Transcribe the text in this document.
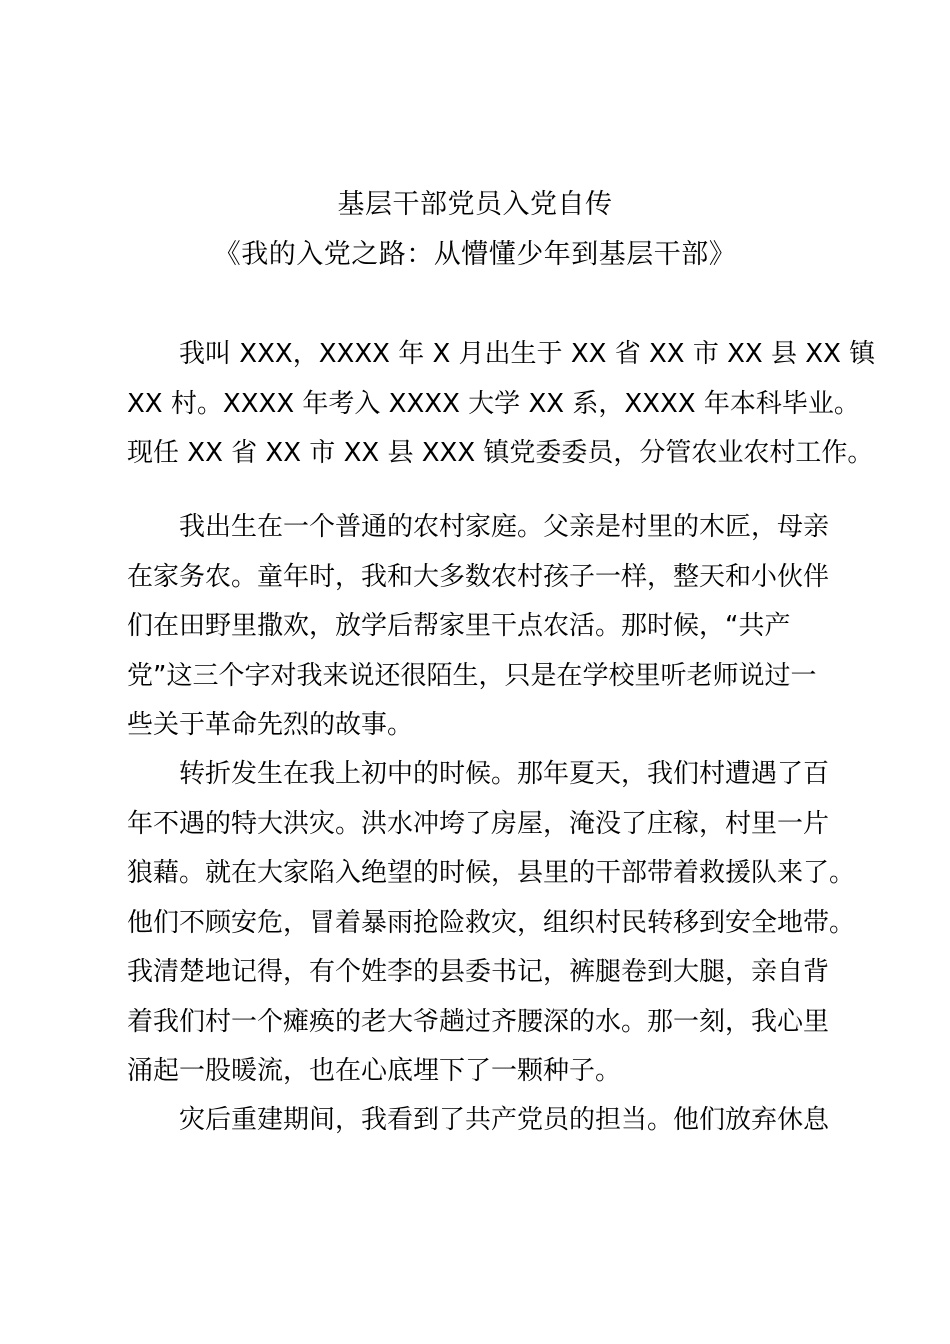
基层干部党员入党自传
《我的入党之路：从懵懂少年到基层干部》
我叫 XXX，XXXX 年 X 月出生于 XX 省 XX 市 XX 县 XX 镇
XX 村。XXXX 年考入 XXXX 大学 XX 系，XXXX 年本科毕业。
现任 XX 省 XX 市 XX 县 XXX 镇党委委员，分管农业农村工作。
我出生在一个普通的农村家庭。父亲是村里的木匠，母亲
在家务农。童年时，我和大多数农村孩子一样，整天和小伙伴
们在田野里撒欢，放学后帮家里干点农活。那时候，“共产
党”这三个字对我来说还很陌生，只是在学校里听老师说过一
些关于革命先烈的故事。
转折发生在我上初中的时候。那年夏天，我们村遭遇了百
年不遇的特大洪灾。洪水冲垮了房屋，淹没了庄稼，村里一片
狼藉。就在大家陷入绝望的时候，县里的干部带着救援队来了。
他们不顾安危，冒着暴雨抢险救灾，组织村民转移到安全地带。
我清楚地记得，有个姓李的县委书记，裤腿卷到大腿，亲自背
着我们村一个瘫痪的老大爷趟过齐腰深的水。那一刻，我心里
涌起一股暖流，也在心底埋下了一颗种子。
灾后重建期间，我看到了共产党员的担当。他们放弃休息
